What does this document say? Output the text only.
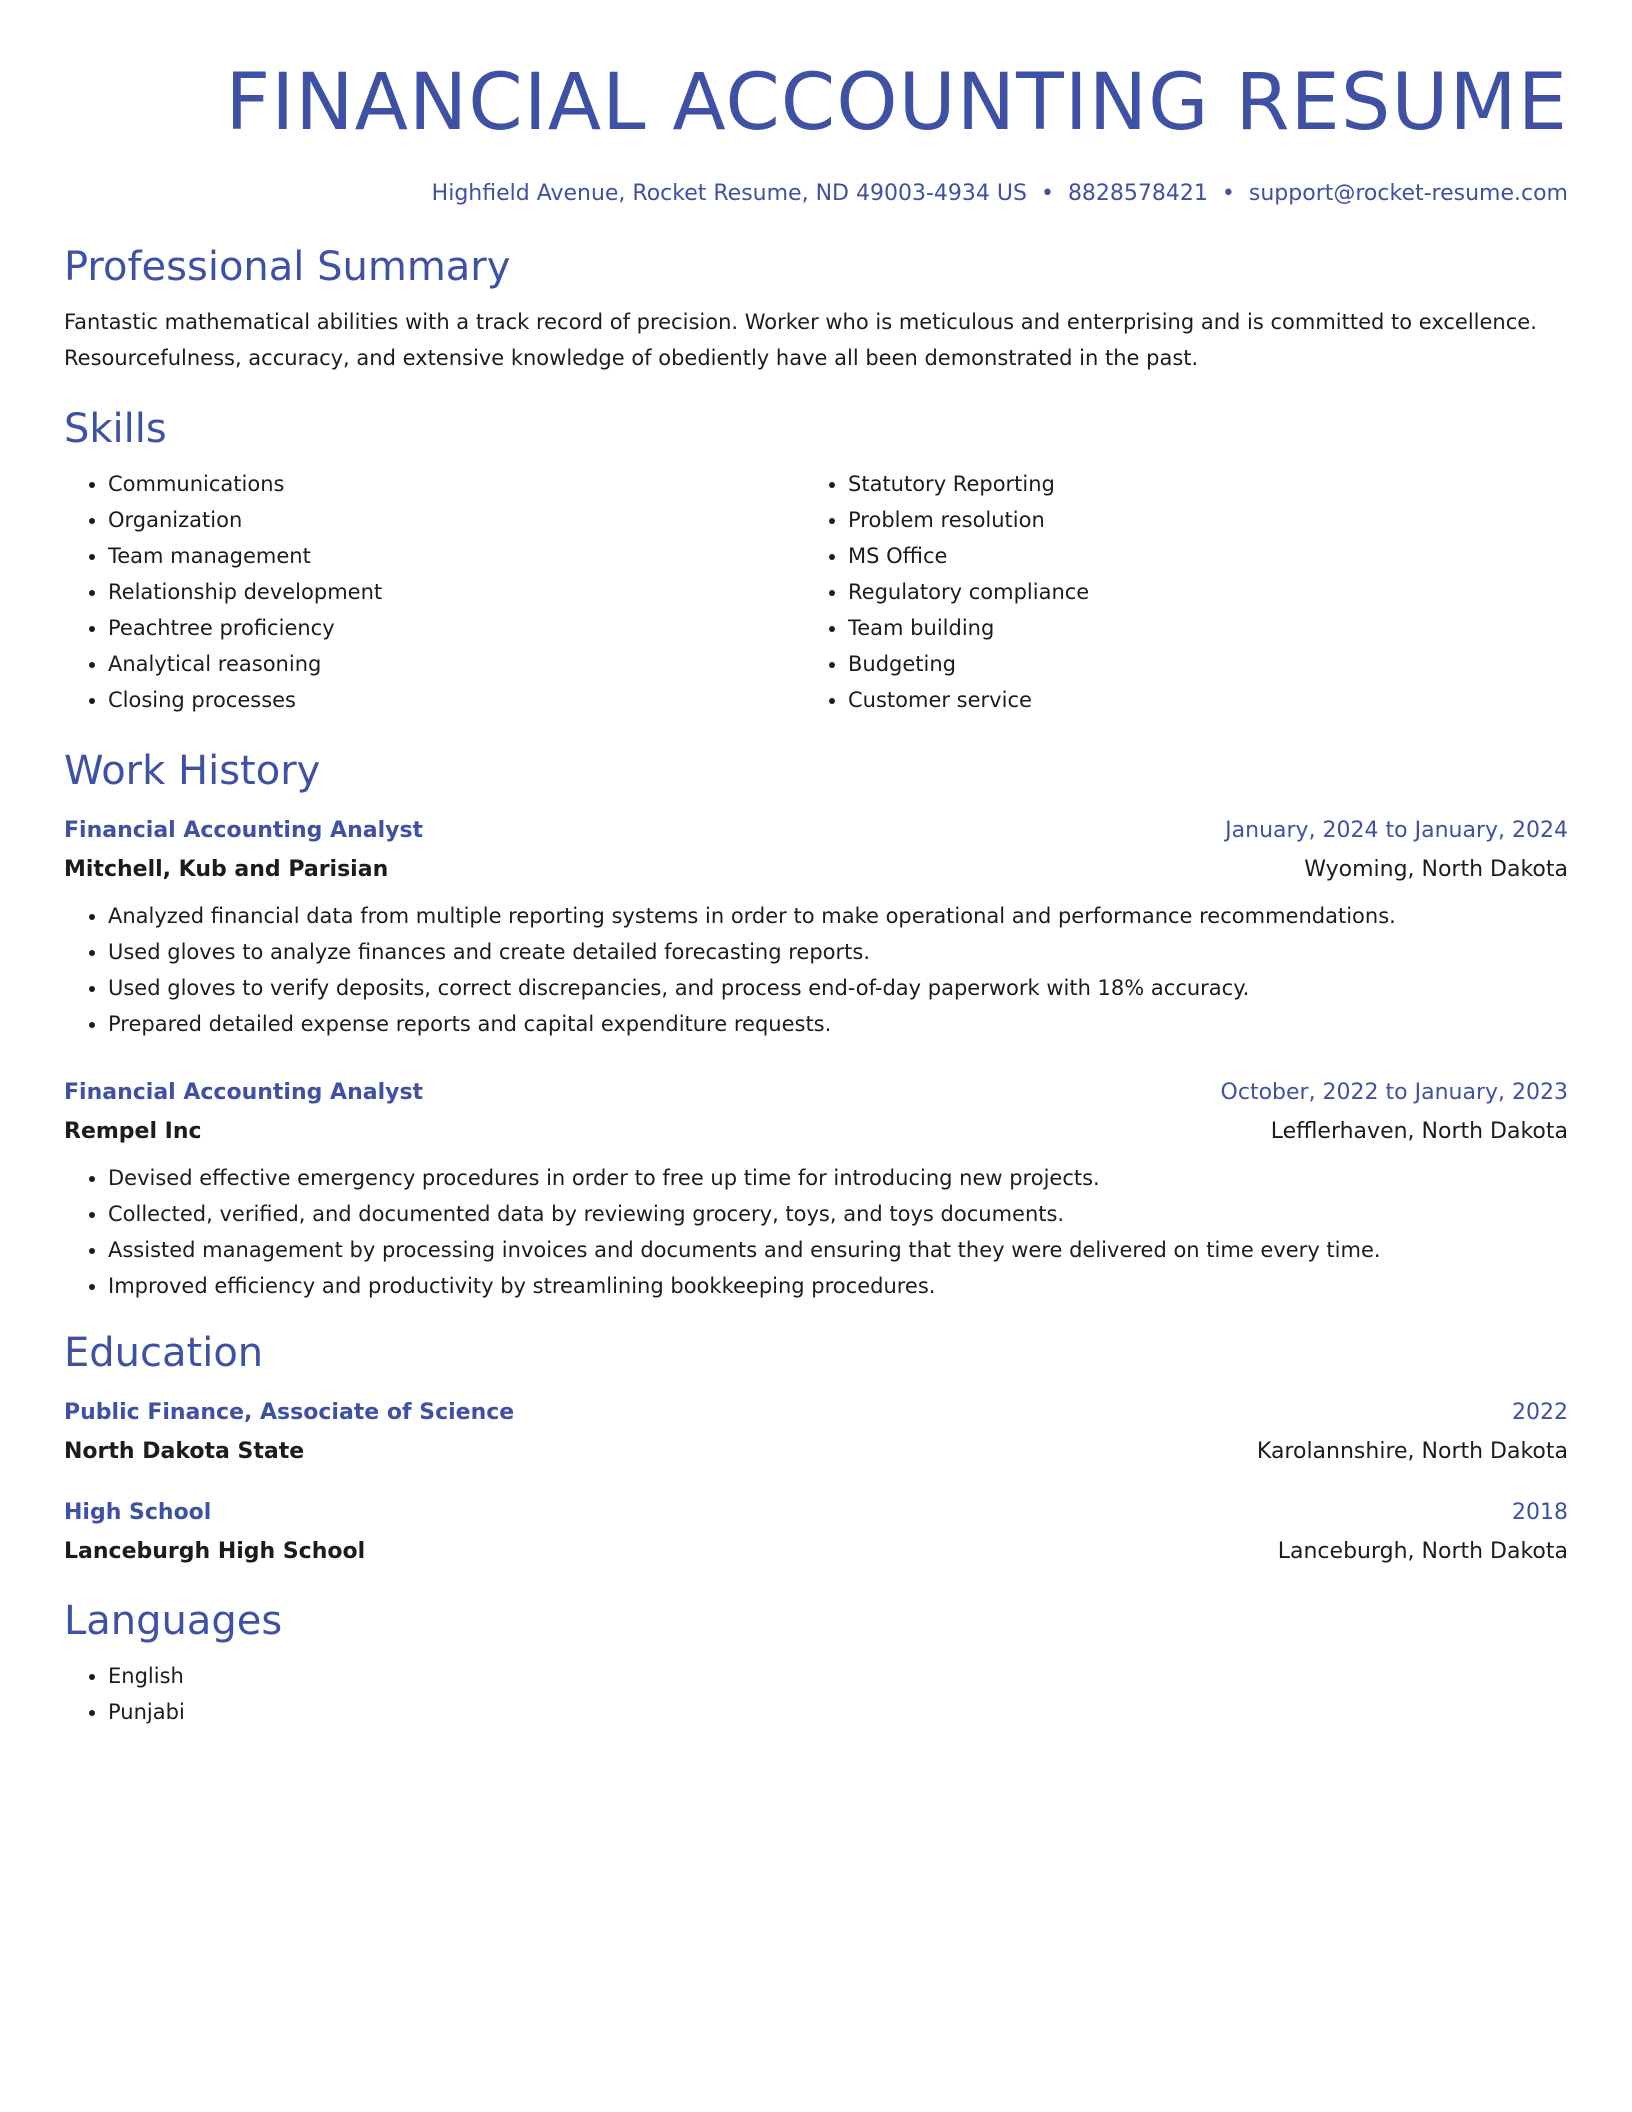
FINANCIAL ACCOUNTING RESUME
Highfield Avenue, Rocket Resume, ND 49003-4934 US • 8828578421 • support@rocket-resume.com
Professional Summary

Fantastic mathematical abilities with a track record of precision. Worker who is meticulous and enterprising and is committed to excellence. Resourcefulness, accuracy, and extensive knowledge of obediently have all been demonstrated in the past.

Skills
• Communications
• Organization
• Team management
• Relationship development
• Peachtree proficiency
• Analytical reasoning
• Closing processes
• Statutory Reporting
• Problem resolution
• MS Office
• Regulatory compliance
• Team building
• Budgeting
• Customer service
Work History
Financial Accounting Analyst	January, 2024 to January, 2024
Mitchell, Kub and Parisian	Wyoming, North Dakota
• Analyzed financial data from multiple reporting systems in order to make operational and performance recommendations.
• Used gloves to analyze finances and create detailed forecasting reports.
• Used gloves to verify deposits, correct discrepancies, and process end-of-day paperwork with 18% accuracy.
• Prepared detailed expense reports and capital expenditure requests.
Financial Accounting Analyst	October, 2022 to January, 2023
Rempel Inc	Lefflerhaven, North Dakota
• Devised effective emergency procedures in order to free up time for introducing new projects.
• Collected, verified, and documented data by reviewing grocery, toys, and toys documents.
• Assisted management by processing invoices and documents and ensuring that they were delivered on time every time.
• Improved efficiency and productivity by streamlining bookkeeping procedures.
Education
Public Finance, Associate of Science	2022
North Dakota State	Karolannshire, North Dakota
High School	2018
Lanceburgh High School	Lanceburgh, North Dakota
Languages
• English
• Punjabi
